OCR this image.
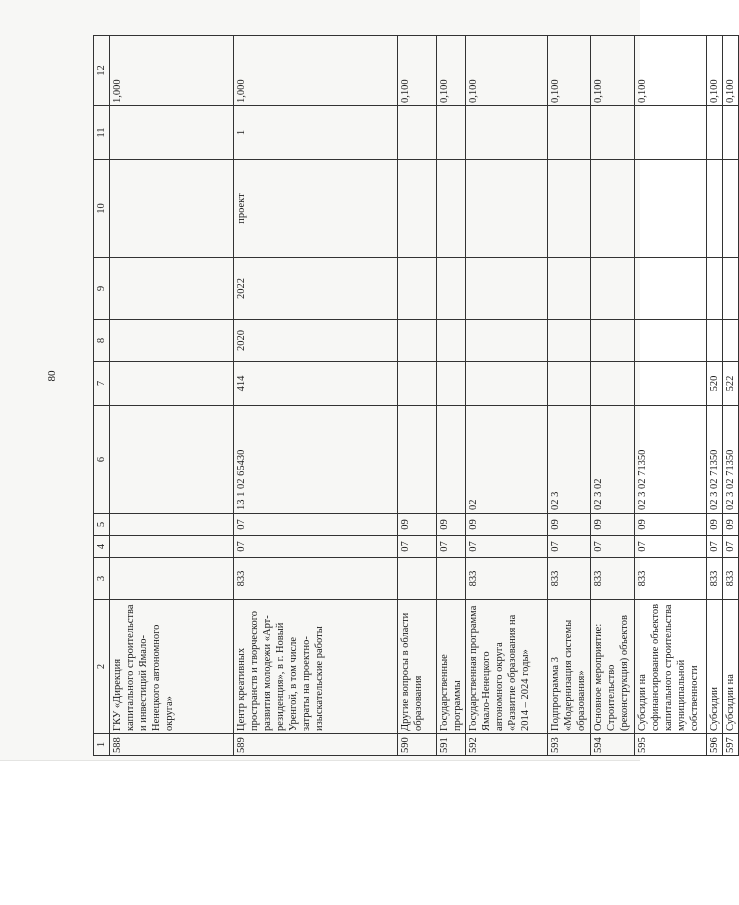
80
1	2	3	4	5	6	7	8	9	10	11	12
588	ГКУ «Дирекция капитального строительства и инвестиций Ямало-Ненецкого автономного округа»										1,000
589	Центр креативных пространств и творческого развития молодежи «Арт-резиденция», в г. Новый Уренгой, в том числе затраты на проектно-изыскательские работы	833	07	07	13 1 02 65430	414	2020	2022	проект	1	1,000
590	Другие вопросы в области образования		07	09							0,100
591	Государственные программы		07	09							0,100
592	Государственная программа Ямало-Ненецкого автономного округа «Развитие образования на 2014 – 2024 годы»	833	07	09	02						0,100
593	Подпрограмма 3 «Модернизация системы образования»	833	07	09	02 3						0,100
594	Основное мероприятие: Строительство (реконструкция) объектов	833	07	09	02 3 02						0,100
595	Субсидии на софинансирование объектов капитального строительства муниципальной собственности	833	07	09	02 3 02 71350						0,100
596	Субсидии	833	07	09	02 3 02 71350	520					0,100
597	Субсидии на	833	07	09	02 3 02 71350	522					0,100
